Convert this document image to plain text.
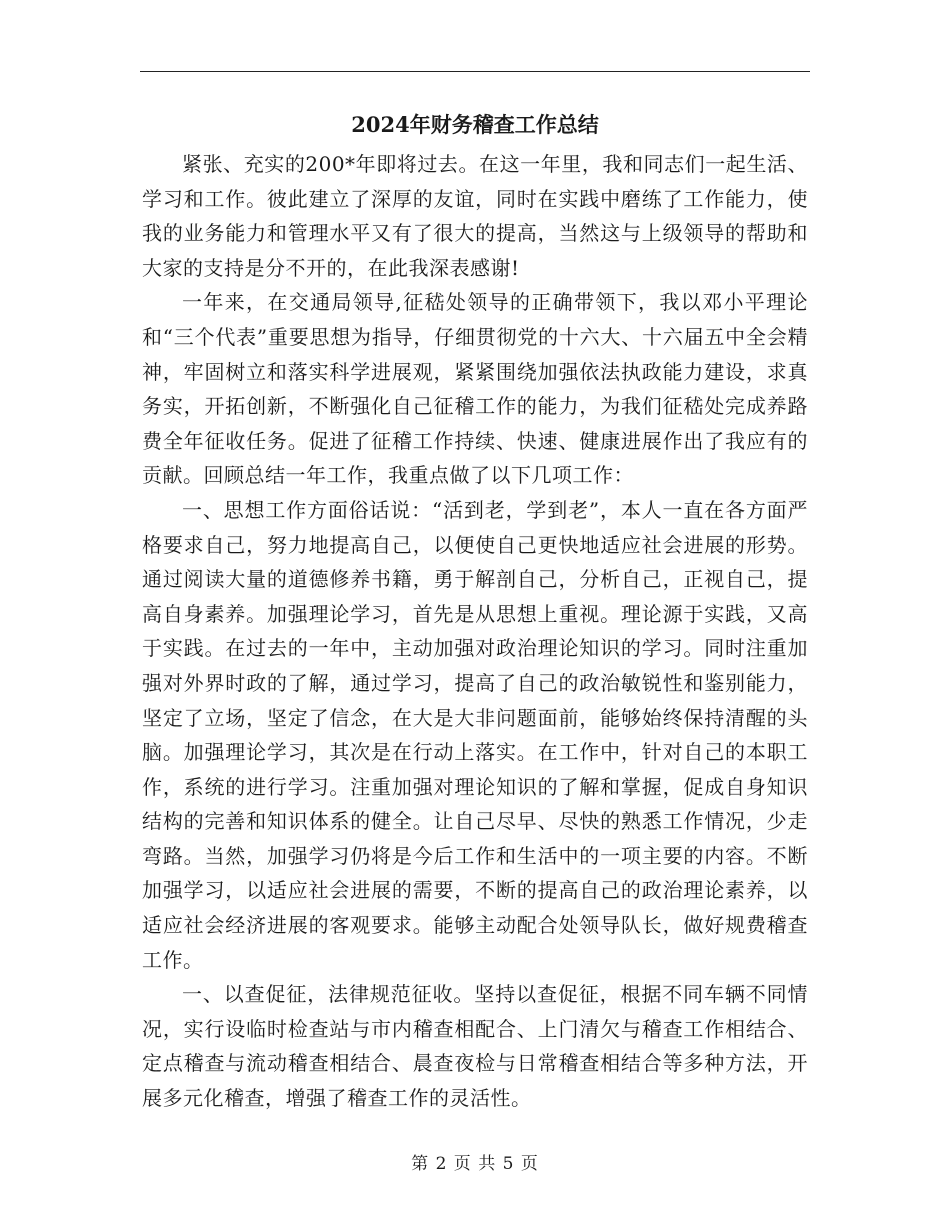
2024年财务稽查工作总结

紧张、充实的200*年即将过去。在这一年里，我和同志们一起生活、学习和工作。彼此建立了深厚的友谊，同时在实践中磨练了工作能力，使我的业务能力和管理水平又有了很大的提高，当然这与上级领导的帮助和大家的支持是分不开的，在此我深表感谢!

一年来，在交通局领导,征嵇处领导的正确带领下，我以邓小平理论和“三个代表”重要思想为指导，仔细贯彻党的十六大、十六届五中全会精神，牢固树立和落实科学进展观，紧紧围绕加强依法执政能力建设，求真务实，开拓创新，不断强化自己征稽工作的能力，为我们征嵇处完成养路费全年征收任务。促进了征稽工作持续、快速、健康进展作出了我应有的贡献。回顾总结一年工作，我重点做了以下几项工作：

一、思想工作方面俗话说：“活到老，学到老”，本人一直在各方面严格要求自己，努力地提高自己，以便使自己更快地适应社会进展的形势。通过阅读大量的道德修养书籍，勇于解剖自己，分析自己，正视自己，提高自身素养。加强理论学习，首先是从思想上重视。理论源于实践，又高于实践。在过去的一年中，主动加强对政治理论知识的学习。同时注重加强对外界时政的了解，通过学习，提高了自己的政治敏锐性和鉴别能力，坚定了立场，坚定了信念，在大是大非问题面前，能够始终保持清醒的头脑。加强理论学习，其次是在行动上落实。在工作中，针对自己的本职工作，系统的进行学习。注重加强对理论知识的了解和掌握，促成自身知识结构的完善和知识体系的健全。让自己尽早、尽快的熟悉工作情况，少走弯路。当然，加强学习仍将是今后工作和生活中的一项主要的内容。不断加强学习，以适应社会进展的需要，不断的提高自己的政治理论素养，以适应社会经济进展的客观要求。能够主动配合处领导队长，做好规费稽查工作。

一、以查促征，法律规范征收。坚持以查促征，根据不同车辆不同情况，实行设临时检查站与市内稽查相配合、上门清欠与稽查工作相结合、定点稽查与流动稽查相结合、晨查夜检与日常稽查相结合等多种方法，开展多元化稽查，增强了稽查工作的灵活性。

第 2 页 共 5 页
